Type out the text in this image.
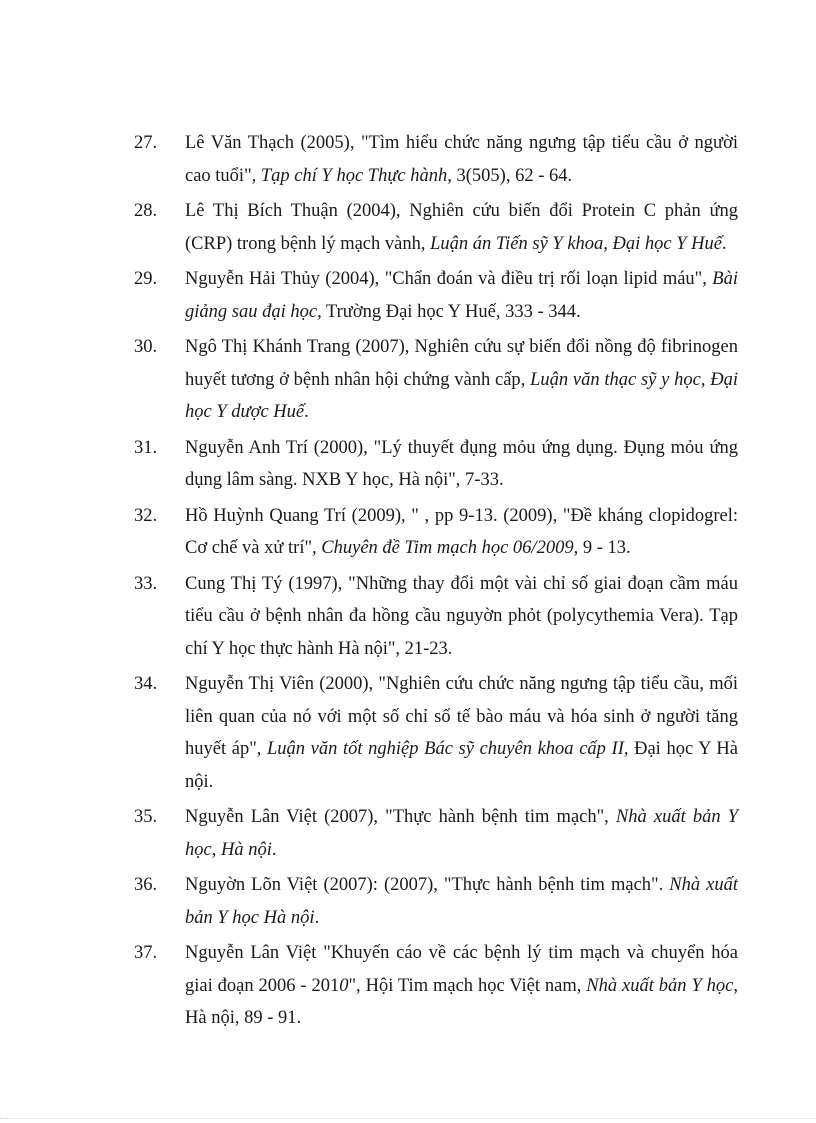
27. Lê Văn Thạch (2005), "Tìm hiểu chức năng ngưng tập tiểu cầu ở người cao tuổi", Tạp chí Y học Thực hành, 3(505), 62 - 64.
28. Lê Thị Bích Thuận (2004), Nghiên cứu biến đổi Protein C phản ứng (CRP) trong bệnh lý mạch vành, Luận án Tiến sỹ Y khoa, Đại học Y Huế.
29. Nguyễn Hải Thủy (2004), "Chẩn đoán và điều trị rối loạn lipid máu", Bài giảng sau đại học, Trường Đại học Y Huế, 333 - 344.
30. Ngô Thị Khánh Trang (2007), Nghiên cứu sự biến đổi nồng độ fibrinogen huyết tương ở bệnh nhân hội chứng vành cấp, Luận văn thạc sỹ y học, Đại học Y dược Huế.
31. Nguyễn Anh Trí (2000), "Lý thuyết đụng mỏu ứng dụng. Đụng mỏu ứng dụng lâm sàng. NXB Y học, Hà nội", 7-33.
32. Hồ Huỳnh Quang Trí (2009), " , pp 9-13. (2009), "Đề kháng clopidogrel: Cơ chế và xử trí", Chuyên đề Tim mạch học 06/2009, 9 - 13.
33. Cung Thị Tý (1997), "Những thay đổi một vài chỉ số giai đoạn cầm máu tiểu cầu ở bệnh nhân đa hồng cầu nguyờn phỏt (polycythemia Vera). Tạp chí Y học thực hành Hà nội", 21-23.
34. Nguyễn Thị Viên (2000), "Nghiên cứu chức năng ngưng tập tiểu cầu, mối liên quan của nó với một số chỉ số tế bào máu và hóa sinh ở người tăng huyết áp", Luận văn tốt nghiệp Bác sỹ chuyên khoa cấp II, Đại học Y Hà nội.
35. Nguyễn Lân Việt (2007), "Thực hành bệnh tim mạch", Nhà xuất bản Y học, Hà nội.
36. Nguyờn Lõn Việt (2007): (2007), "Thực hành bệnh tim mạch". Nhà xuất bản Y học Hà nội.
37. Nguyễn Lân Việt "Khuyến cáo về các bệnh lý tim mạch và chuyển hóa giai đoạn 2006 - 2010", Hội Tim mạch học Việt nam, Nhà xuất bản Y học, Hà nội, 89 - 91.
